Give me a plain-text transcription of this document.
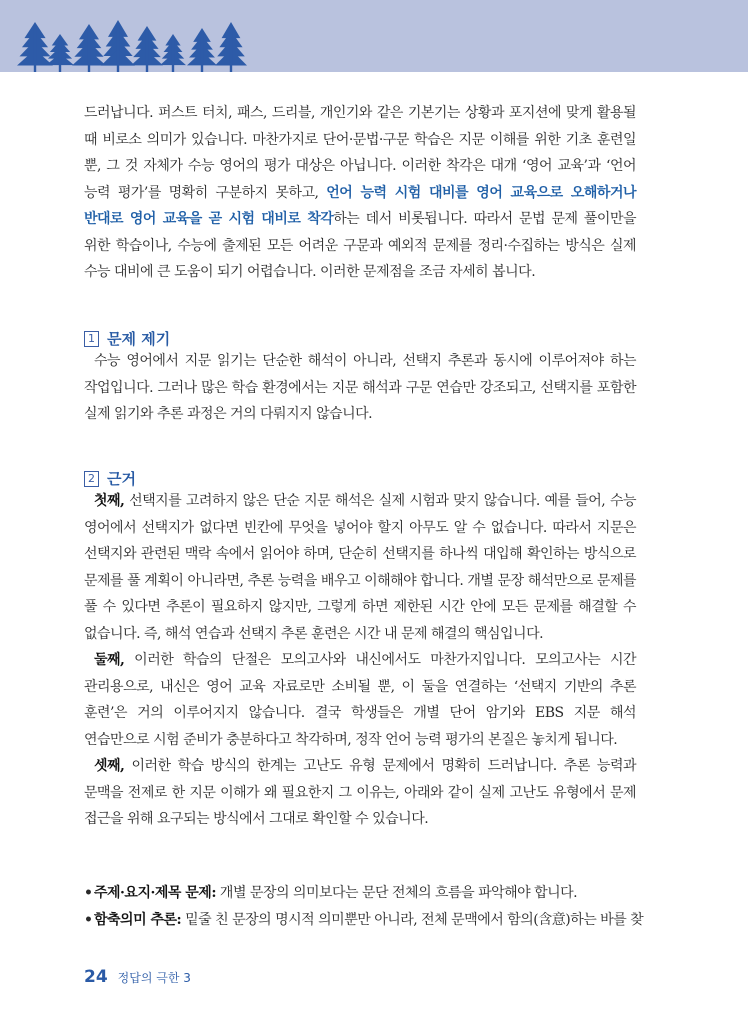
드러납니다. 퍼스트 터치, 패스, 드리블, 개인기와 같은 기본기는 상황과 포지션에 맞게 활용될 때 비로소 의미가 있습니다. 마찬가지로 단어·문법·구문 학습은 지문 이해를 위한 기초 훈련일 뿐, 그 것 자체가 수능 영어의 평가 대상은 아닙니다. 이러한 착각은 대개 ‘영어 교육’과 ‘언어 능력 평가’를 명확히 구분하지 못하고, 언어 능력 시험 대비를 영어 교육으로 오해하거나 반대로 영어 교육을 곧 시험 대비로 착각하는 데서 비롯됩니다. 따라서 문법 문제 풀이만을 위한 학습이나, 수능에 출제된 모든 어려운 구문과 예외적 문제를 정리·수집하는 방식은 실제 수능 대비에 큰 도움이 되기 어렵습니다. 이러한 문제점을 조금 자세히 봅니다.

1 문제 제기

수능 영어에서 지문 읽기는 단순한 해석이 아니라, 선택지 추론과 동시에 이루어져야 하는 작업입니다. 그러나 많은 학습 환경에서는 지문 해석과 구문 연습만 강조되고, 선택지를 포함한 실제 읽기와 추론 과정은 거의 다뤄지지 않습니다.

2 근거

첫째, 선택지를 고려하지 않은 단순 지문 해석은 실제 시험과 맞지 않습니다. 예를 들어, 수능 영어에서 선택지가 없다면 빈칸에 무엇을 넣어야 할지 아무도 알 수 없습니다. 따라서 지문은 선택지와 관련된 맥락 속에서 읽어야 하며, 단순히 선택지를 하나씩 대입해 확인하는 방식으로 문제를 풀 계획이 아니라면, 추론 능력을 배우고 이해해야 합니다. 개별 문장 해석만으로 문제를 풀 수 있다면 추론이 필요하지 않지만, 그렇게 하면 제한된 시간 안에 모든 문제를 해결할 수 없습니다. 즉, 해석 연습과 선택지 추론 훈련은 시간 내 문제 해결의 핵심입니다.

둘째, 이러한 학습의 단절은 모의고사와 내신에서도 마찬가지입니다. 모의고사는 시간 관리용으로, 내신은 영어 교육 자료로만 소비될 뿐, 이 둘을 연결하는 ‘선택지 기반의 추론 훈련’은 거의 이루어지지 않습니다. 결국 학생들은 개별 단어 암기와 EBS 지문 해석 연습만으로 시험 준비가 충분하다고 착각하며, 정작 언어 능력 평가의 본질은 놓치게 됩니다.

셋째, 이러한 학습 방식의 한계는 고난도 유형 문제에서 명확히 드러납니다. 추론 능력과 문맥을 전제로 한 지문 이해가 왜 필요한지 그 이유는, 아래와 같이 실제 고난도 유형에서 문제 접근을 위해 요구되는 방식에서 그대로 확인할 수 있습니다.

• 주제·요지·제목 문제: 개별 문장의 의미보다는 문단 전체의 흐름을 파악해야 합니다.
• 함축의미 추론: 밑줄 친 문장의 명시적 의미뿐만 아니라, 전체 문맥에서 함의(含意)하는 바를 찾
24 정답의 극한 3
